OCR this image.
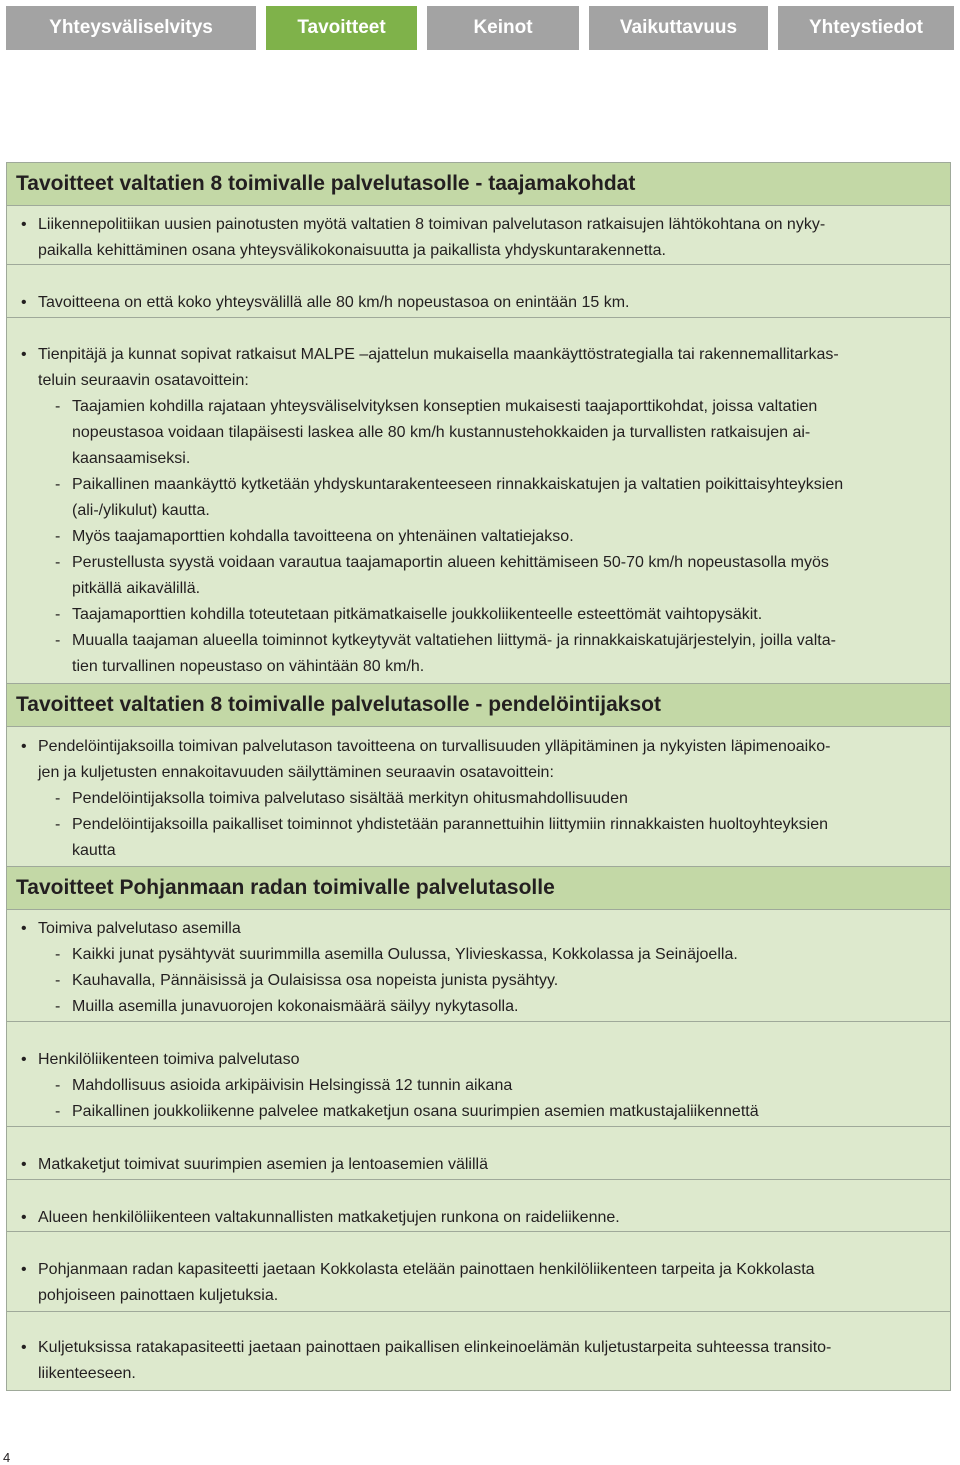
Yhteysväliselvitys	Tavoitteet	Keinot	Vaikuttavuus	Yhteystiedot
Tavoitteet valtatien 8 toimivalle palvelutasolle - taajamakohdat
• Liikennepolitiikan uusien painotusten myötä valtatien 8 toimivan palvelutason ratkaisujen lähtökohtana on nyky-
paikalla kehittäminen osana yhteysvälikokonaisuutta ja paikallista yhdyskuntarakennetta.
• Tavoitteena on että koko yhteysvälillä alle 80 km/h nopeustasoa on enintään 15 km.
• Tienpitäjä ja kunnat sopivat ratkaisut MALPE –ajattelun mukaisella maankäyttöstrategialla tai rakennemallitarkas-
teluin seuraavin osatavoittein:
- Taajamien kohdilla rajataan yhteysväliselvityksen konseptien mukaisesti taajaporttikohdat, joissa valtatien
nopeustasoa voidaan tilapäisesti laskea alle 80 km/h kustannustehokkaiden ja turvallisten ratkaisujen ai-
kaansaamiseksi.
- Paikallinen maankäyttö kytketään yhdyskuntarakenteeseen rinnakkaiskatujen ja valtatien poikittaisyhteyksien
(ali-/ylikulut) kautta.
- Myös taajamaporttien kohdalla tavoitteena on yhtenäinen valtatiejakso.
- Perustellusta syystä voidaan varautua taajamaportin alueen kehittämiseen 50-70 km/h nopeustasolla myös
pitkällä aikavälillä.
- Taajamaporttien kohdilla toteutetaan pitkämatkaiselle joukkoliikenteelle esteettömät vaihtopysäkit.
- Muualla taajaman alueella toiminnot kytkeytyvät valtatiehen liittymä- ja rinnakkaiskatujärjestelyin, joilla valta-
tien turvallinen nopeustaso on vähintään 80 km/h.
Tavoitteet valtatien 8 toimivalle palvelutasolle - pendelöintijaksot
• Pendelöintijaksoilla toimivan palvelutason tavoitteena on turvallisuuden ylläpitäminen ja nykyisten läpimenoaiko-
jen ja kuljetusten ennakoitavuuden säilyttäminen seuraavin osatavoittein:
- Pendelöintijaksolla toimiva palvelutaso sisältää merkityn ohitusmahdollisuuden
- Pendelöintijaksoilla paikalliset toiminnot yhdistetään parannettuihin liittymiin rinnakkaisten huoltoyhteyksien
kautta
Tavoitteet Pohjanmaan radan toimivalle palvelutasolle
• Toimiva palvelutaso asemilla
- Kaikki junat pysähtyvät suurimmilla asemilla Oulussa, Ylivieskassa, Kokkolassa ja Seinäjoella.
- Kauhavalla, Pännäisissä ja Oulaisissa osa nopeista junista pysähtyy.
- Muilla asemilla junavuorojen kokonaismäärä säilyy nykytasolla.
• Henkilöliikenteen toimiva palvelutaso
- Mahdollisuus asioida arkipäivisin Helsingissä 12 tunnin aikana
- Paikallinen joukkoliikenne palvelee matkaketjun osana suurimpien asemien matkustajaliikennettä
• Matkaketjut toimivat suurimpien asemien ja lentoasemien välillä
• Alueen henkilöliikenteen valtakunnallisten matkaketjujen runkona on raideliikenne.
• Pohjanmaan radan kapasiteetti jaetaan Kokkolasta etelään painottaen henkilöliikenteen tarpeita ja Kokkolasta
pohjoiseen painottaen kuljetuksia.
• Kuljetuksissa ratakapasiteetti jaetaan painottaen paikallisen elinkeinoelämän kuljetustarpeita suhteessa transito-
liikenteeseen.
4
